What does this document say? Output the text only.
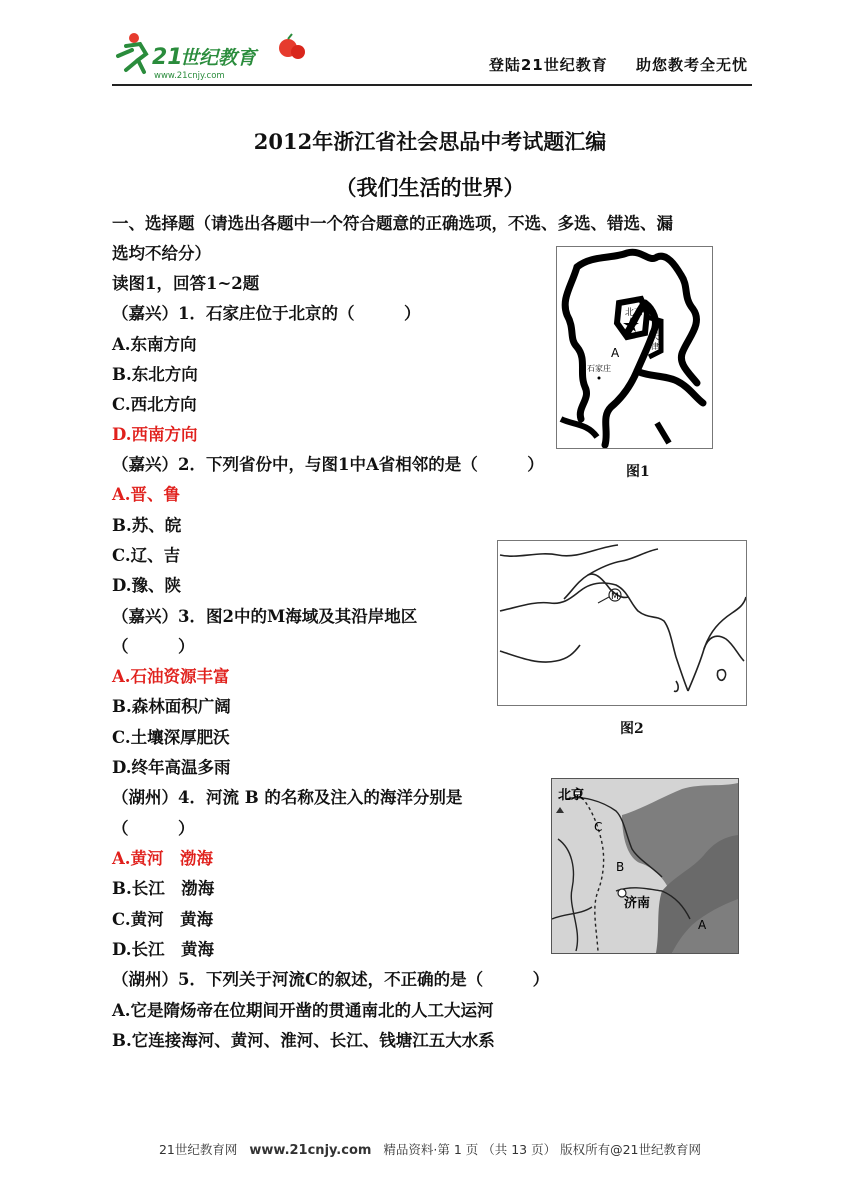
21
世纪教育
www.21cnjy.com
登陆21世纪教育 助您教考全无忧
2012年浙江省社会思品中考试题汇编
（我们生活的世界）
一、选择题（请选出各题中一个符合题意的正确选项，不选、多选、错选、漏
选均不给分）
读图1，回答1~2题
（嘉兴）1．石家庄位于北京的（　　　）
A.东南方向
B.东北方向
C.西北方向
D.西南方向
（嘉兴）2．下列省份中，与图1中A省相邻的是（　　　）
A.晋、鲁
B.苏、皖
C.辽、吉
D.豫、陕
（嘉兴）3．图2中的M海域及其沿岸地区
（　　　）
A.石油资源丰富
B.森林面积广阔
C.土壤深厚肥沃
D.终年高温多雨
（湖州）4．河流 B 的名称及注入的海洋分别是
（　　　）
A.黄河　渤海
B.长江　渤海
C.黄河　黄海
D.长江　黄海
（湖州）5．下列关于河流C的叙述，不正确的是（　　　）
A.它是隋炀帝在位期间开凿的贯通南北的人工大运河
B.它连接海河、黄河、淮河、长江、钱塘江五大水系
北京
天
津
A
石家庄
图1
M
图2
北京
C
B
济南
A
21世纪教育网 www.21cnjy.com 精品资料·第 1 页 （共 13 页） 版权所有@21世纪教育网
